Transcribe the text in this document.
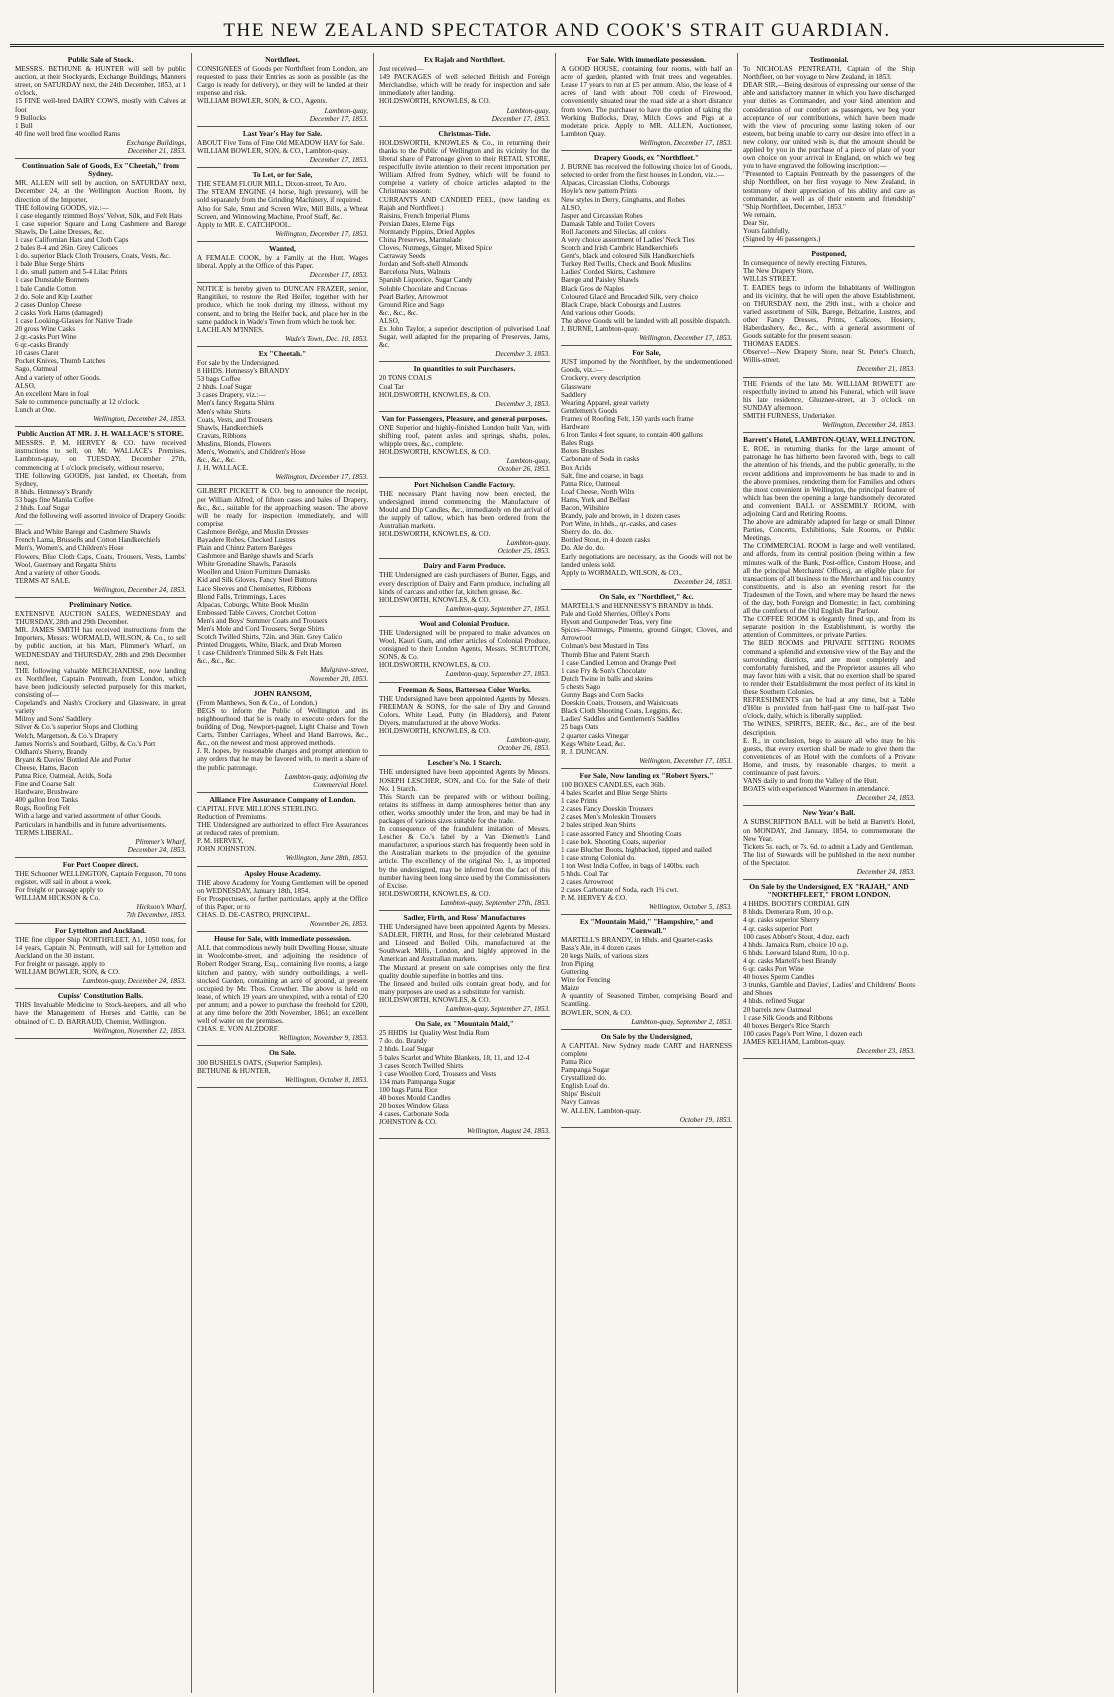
THE NEW ZEALAND SPECTATOR AND COOK'S STRAIT GUARDIAN.
Public Sale of Stock.
MESSRS. BETHUNE & HUNTER will sell by public auction, at their Stockyards, Exchange Buildings, Manners street, on SATURDAY next, the 24th December, 1853, at 1 o'clock,
15 FINE well-bred DAIRY COWS, mostly with Calves at foot
9 Bullocks
1 Bull
40 fine well bred fine woolled Rams
Exchange Buildings,
December 21, 1853.
Continuation Sale of Goods, Ex "Cheetah," from Sydney.
MR. ALLEN will sell by auction, on SATURDAY next, December 24, at the Wellington Auction Room, by direction of the Importer,
THE following GOODS, viz.:—
1 case elegantly trimmed Boys' Velvet, Silk, and Felt Hats
1 case superior Square and Long Cashmere and Barege Shawls, De Laine Dresses, &c.
1 case Californian Hats and Cloth Caps
2 bales 8-4 and 26in. Grey Calicoes
1 do. superior Black Cloth Trousers, Coats, Vests, &c.
1 bale Blue Serge Shirts
1 do. small pattern and 5-4 Lilac Prints
1 case Dunstable Bonnets
1 bale Candle Cotton
2 do. Sole and Kip Leather
2 cases Dunlop Cheese
2 casks York Hams (damaged)
1 case Looking-Glasses for Native Trade
20 gross Wine Casks
2 qr.-casks Port Wine
6 qr.-casks Brandy
10 cases Claret
Pocket Knives, Thumb Latches
Sago, Oatmeal
And a variety of other Goods.
ALSO,
An excellent Mare in foal
Sale to commence punctually at 12 o'clock.
Lunch at One.
Wellington, December 24, 1853.
Public Auction AT MR. J. H. WALLACE'S STORE.
MESSRS. P. M. HERVEY & CO. have received instructions to sell, on Mr. WALLACE's Premises, Lambton-quay, on TUESDAY, December 27th, commencing at 1 o'clock precisely, without reserve,
THE following GOODS, just landed, ex Cheetah, from Sydney,
8 hhds. Hennessy's Brandy
53 bags fine Manila Coffee
2 hhds. Loaf Sugar
And the following well assorted invoice of Drapery Goods:—
Black and White Barege and Cashmere Shawls
French Lama, Brussells and Cotton Handkerchiefs
Men's, Women's, and Children's Hose
Flowers, Blue Cloth Caps, Coats, Trousers, Vests, Lambs' Wool, Guernsey and Regatta Shirts
And a variety of other Goods.
TERMS AT SALE.
Wellington, December 24, 1853.
Preliminary Notice.
EXTENSIVE AUCTION SALES, WEDNESDAY and THURSDAY, 28th and 29th December.
MR. JAMES SMITH has received instructions from the Importers, Messrs. WORMALD, WILSON, & Co., to sell by public auction, at his Mart, Plimmer's Wharf, on WEDNESDAY and THURSDAY, 28th and 29th December next,
THE following valuable MERCHANDISE, now landing ex Northfleet, Captain Pentreath, from London, which have been judiciously selected purposely for this market, consisting of—
Copeland's and Nash's Crockery and Glassware, in great variety
Milroy and Sons' Saddlery
Silver & Co.'s superior Slops and Clothing
Welch, Margetson, & Co.'s Drapery
James Norris's and Southard, Gilby, & Co.'s Port
Oldham's Sherry, Brandy
Bryant & Davies' Bottled Ale and Porter
Cheese, Hams, Bacon
Patna Rice, Oatmeal, Acids, Soda
Fine and Coarse Salt
Hardware, Brushware
400 gallon Iron Tanks
Rugs, Roofing Felt
With a large and varied assortment of other Goods.
Particulars in handbills and in future advertisements.
TERMS LIBERAL.
Plimmer's Wharf,
December 24, 1853.
For Port Cooper direct.
THE Schooner WELLINGTON, Captain Ferguson, 70 tons register, will sail in about a week.
For freight or passage apply to
WILLIAM HICKSON & Co.
Hickson's Wharf,
7th December, 1853.
For Lyttelton and Auckland.
THE fine clipper Ship NORTHFLEET, A1, 1050 tons, for 14 years, Captain N. Pentreath, will sail for Lyttelton and Auckland on the 30 instant.
For freight or passage, apply to
WILLIAM BOWLER, SON, & CO.
Lambton-quay, December 24, 1853.
Cupiss' Constitution Balls.
THIS Invaluable Medicine to Stock-keepers, and all who have the Management of Horses and Cattle, can be obtained of C. D. BARRAUD, Chemist, Wellington.
Wellington, November 12, 1853.
Northfleet.
CONSIGNEES of Goods per Northfleet from London, are requested to pass their Entries as soon as possible (as the Cargo is ready for delivery), or they will be landed at their expense and risk.
WILLIAM BOWLER, SON, & CO., Agents.
Lambton-quay,
December 17, 1853.
Last Year's Hay for Sale.
ABOUT Five Tons of Fine Old MEADOW HAY for Sale.
WILLIAM BOWLER, SON, & CO., Lambton-quay.
December 17, 1853.
To Let, or for Sale,
THE STEAM FLOUR MILL, Dixon-street, Te Aro.
The STEAM ENGINE (4 horse, high pressure), will be sold separately from the Grinding Machinery, if required.
Also for Sale, Smut and Screen Wire, Mill Bills, a Wheat Screen, and Winnowing Machine, Proof Staff, &c.
Apply to MR. E. CATCHPOOL.
Wellington, December 17, 1853.
Wanted,
A FEMALE COOK, by a Family at the Hutt. Wages liberal. Apply at the Office of this Paper.
December 17, 1853.
NOTICE is hereby given to DUNCAN FRAZER, senior, Rangitikei, to restore the Red Heifer, together with her produce, which he took during my illness, without my consent, and to bring the Heifer back, and place her in the same paddock in Wade's Town from which he took her.
LACHLAN M'INNES.
Wade's Town, Dec. 10, 1853.
Ex "Cheetah."
For sale by the Undersigned.
8 HHDS. Hennessy's BRANDY
53 bags Coffee
2 hhds. Loaf Sugar
3 cases Drapery, viz.:—
Men's fancy Regatta Shirts
Men's white Shirts
Coats, Vests, and Trousers
Shawls, Handkerchiefs
Cravats, Ribbons
Muslins, Blonds, Flowers
Men's, Women's, and Children's Hose
&c., &c., &c.
J. H. WALLACE.
Wellington, December 17, 1853.
GILBERT PICKETT & CO. beg to announce the receipt, per William Alfred, of fifteen cases and bales of Drapery, &c., &c., suitable for the approaching season. The above will be ready for inspection immediately, and will comprise
Cashmere Berêge, and Muslin Dresses
Bayadere Robes, Checked Lustres
Plain and Chintz Pattern Barèges
Cashmere and Barège shawls and Scarfs
White Grenadine Shawls, Parasols
Woollen and Union Furniture Damasks
Kid and Silk Gloves, Fancy Steel Buttons
Lace Sleeves and Chemisettes, Ribbons
Blond Falls, Trimmings, Laces
Alpacas, Coburgs, White Book Muslin
Embossed Table Covers, Crotchet Cotton
Men's and Boys' Summer Coats and Trousers
Men's Mole and Cord Trousers, Serge Shirts
Scotch Twilled Shirts, 72in. and 36in. Grey Calico
Printed Druggets, White, Black, and Drab Moreen
1 case Children's Trimmed Silk & Felt Hats
&c., &c., &c.
Mulgrave-street,
November 20, 1853.
JOHN RANSOM,
(From Matthews, Son & Co., of London,)
BEGS to inform the Public of Wellington and its neighbourhood that he is ready to execute orders for the building of Dog, Newport-pagnel, Light Chaise and Town Carts, Timber Carriages, Wheel and Hand Barrows, &c., &c., on the newest and most approved methods.
J. R. hopes, by reasonable charges and prompt attention to any orders that he may be favored with, to merit a share of the public patronage.
Lambton-quay, adjoining the
Commercial Hotel.
Alliance Fire Assurance Company of London.
CAPITAL FIVE MILLIONS STERLING.
Reduction of Premiums.
THE Undersigned are authorized to effect Fire Assurances at reduced rates of premium.
P. M. HERVEY,
JOHN JOHNSTON.
Wellington, June 28th, 1853.
Apsley House Academy.
THE above Academy for Young Gentlemen will be opened on WEDNESDAY, January 18th, 1854.
For Prospectuses, or further particulars, apply at the Office of this Paper, or to
CHAS. D. DE-CASTRO, PRINCIPAL.
November 26, 1853.
House for Sale, with immediate possession.
ALL that commodious newly built Dwelling House, situate in Woolcombe-street, and adjoining the residence of Robert Rodger Strang, Esq., containing five rooms, a large kitchen and pantry, with sundry outbuildings, a well-stocked Garden, containing an acre of ground, at present occupied by Mr. Thos. Crowther. The above is held on lease, of which 19 years are unexpired, with a rental of £20 per annum; and a power to purchase the freehold for £200, at any time before the 20th November, 1861; an excellent well of water on the premises.
CHAS. E. VON ALZDORF.
Wellington, November 9, 1853.
On Sale.
300 BUSHELS OATS, (Superior Samples).
BETHUNE & HUNTER,
Wellington, October 8, 1853.
Ex Rajah and Northfleet.
Just received—
149 PACKAGES of well selected British and Foreign Merchandise, which will be ready for inspection and sale immediately after landing.
HOLDSWORTH, KNOWLES, & CO.
Lambton-quay,
December 17, 1853.
Christmas-Tide.
HOLDSWORTH, KNOWLES & Co., in returning their thanks to the Public of Wellington and its vicinity for the liberal share of Patronage given to their RETAIL STORE, respectfully invite attention to their recent importation per William Alfred from Sydney, which will be found to comprise a variety of choice articles adapted to the Christmas season:
CURRANTS AND CANDIED PEEL, (now landing ex Rajah and Northfleet.)
Raisins, French Imperial Plums
Persian Dates, Eleme Figs
Normandy Pippins, Dried Apples
China Preserves, Marmalade
Cloves, Nutmegs, Ginger, Mixed Spice
Carraway Seeds
Jordan and Soft-shell Almonds
Barcelona Nuts, Walnuts
Spanish Liquorice, Sugar Candy
Soluble Chocolate and Cocoas
Pearl Barley, Arrowroot
Ground Rice and Sago
&c., &c., &c.
ALSO,
Ex John Taylor, a superior description of pulverised Loaf Sugar, well adapted for the preparing of Preserves, Jams, &c.
December 3, 1853.
In quantities to suit Purchasers.
20 TONS COALS
Coal Tar
HOLDSWORTH, KNOWLES, & CO.
December 3, 1853.
Van for Passengers, Pleasure, and general purposes.
ONE Superior and highly-finished London built Van, with shifting roof, patent axles and springs, shafts, poles, whipple trees, &c., complete.
HOLDSWORTH, KNOWLES, & CO.
Lambton-quay,
October 26, 1853.
Port Nicholson Candle Factory.
THE necessary Plant having now been erected, the undersigned intend commencing the Manufacture of Mould and Dip Candles, &c., immediately on the arrival of the supply of tallow, which has been ordered from the Australian markets.
HOLDSWORTH, KNOWLES, & CO.
Lambton-quay,
October 25, 1853.
Dairy and Farm Produce.
THE Undersigned are cash purchasers of Butter, Eggs, and every description of Dairy and Farm produce, including all kinds of carcass and other fat, kitchen grease, &c.
HOLDSWORTH, KNOWLES, & CO.
Lambton-quay, September 27, 1853.
Wool and Colonial Produce.
THE Undersigned will be prepared to make advances on Wool, Kauri Gum, and other articles of Colonial Produce, consigned to their London Agents, Messrs. SCRUTTON, SONS, & Co.
HOLDSWORTH, KNOWLES, & CO.
Lambton-quay, September 27, 1853.
Freeman & Sons, Battersea Color Works.
THE Undersigned have been appointed Agents by Messrs. FREEMAN & SONS, for the sale of Dry and Ground Colors, White Lead, Putty (in Bladders), and Patent Dryers, manufactured at the above Works.
HOLDSWORTH, KNOWLES, & CO.
Lambton-quay,
October 26, 1853.
Lescher's No. 1 Starch.
THE undersigned have been appointed Agents by Messrs. JOSEPH LESCHER, SON, and Co. for the Sale of their No. 1 Starch.
This Starch can be prepared with or without boiling, retains its stiffness in damp atmospheres better than any other, works smoothly under the Iron, and may be had in packages of various sizes suitable for the trade.
In consequence of the fraudulent imitation of Messrs. Lescher & Co.'s label by a Van Diemen's Land manufacturer, a spurious starch has frequently been sold in the Australian markets to the prejudice of the genuine article. The excellency of the original No. 1, as imported by the undersigned, may be inferred from the fact of this number having been long since used by the Commissioners of Excise.
HOLDSWORTH, KNOWLES, & CO.
Lambton-quay, September 27th, 1853.
Sadler, Firth, and Ross' Manufactures
THE Undersigned have been appointed Agents by Messrs. SADLER, FIRTH, and Ross, for their celebrated Mustard and Linseed and Boiled Oils, manufactured at the Southwark Mills, London, and highly approved in the American and Australian markets.
The Mustard at present on sale comprises only the first quality double superfine in bottles and tins.
The linseed and boiled oils contain great body, and for many purposes are used as a substitute for varnish.
HOLDSWORTH, KNOWLES, & CO.
Lambton-quay, September 27, 1853.
On Sale, ex "Mountain Maid,"
25 HHDS 1st Quality West India Rum
7 do. do. Brandy
2 hhds. Loaf Sugar
5 bales Scarlet and White Blankets, 18, 11, and 12-4
3 cases Scotch Twilled Shirts
1 case Woollen Cord, Trousers and Vests
134 mats Pampanga Sugar
100 bags Patna Rice
40 boxes Mould Candles
20 boxes Window Glass
4 cases, Carbonate Soda
JOHNSTON & CO.
Wellington, August 24, 1853.
For Sale. With immediate possession.
A GOOD HOUSE, containing four rooms, with half an acre of garden, planted with fruit trees and vegetables. Lease 17 years to run at £5 per annum. Also, the lease of 4 acres of land with about 700 cords of Firewood, conveniently situated near the road side at a short distance from town. The purchaser to have the option of taking the Working Bullocks, Dray, Milch Cows and Pigs at a moderate price. Apply to MR. ALLEN, Auctioneer, Lambton Quay.
Wellington, December 17, 1853.
Drapery Goods, ex "Northfleet."
J. BURNE has received the following choice lot of Goods, selected to order from the first houses in London, viz.:—
Alpacas, Circassian Cloths, Cobourgs
Hoyle's new pattern Prints
New styles in Derry, Ginghams, and Robes
ALSO,
Jasper and Circassian Robes
Damask Table and Toilet Covers
Roll Jaconets and Silecias, all colors
A very choice assortment of Ladies' Neck Ties
Scotch and Irish Cambric Handkerchiefs
Gent's, black and coloured Silk Handkerchiefs
Turkey Red Twills, Check and Book Muslins
Ladies' Corded Skirts, Cashmere
Barege and Paisley Shawls
Black Gros de Naples
Coloured Glacé and Brocaded Silk, very choice
Black Crape, black Cobourgs and Lustres
And various other Goods.
The above Goods will be landed with all possible dispatch.
J. BURNE, Lambton-quay.
Wellington, December 17, 1853.
For Sale,
JUST imported by the Northfleet, by the undermentioned Goods, viz.:—
Crockery, every description
Glassware
Saddlery
Wearing Apparel, great variety
Gentlemen's Goods
Frames of Roofing Felt, 150 yards each frame
Hardware
6 Iron Tanks 4 feet square, to contain 400 gallons
Bales Rugs
Boxes Brushes
Carbonate of Soda in casks
Box Acids
Salt, fine and coarse, in bags
Patna Rice, Oatmeal
Loaf Cheese, North Wilts
Hams, York and Belfast
Bacon, Wiltshire
Brandy, pale and brown, in 1 dozen cases
Port Wine, in hhds., qr.-casks, and cases
Sherry do. do. do.
Bottled Stout, in 4 dozen casks
Do. Ale do. do.
Early negotiations are necessary, as the Goods will not be landed unless sold.
Apply to WORMALD, WILSON, & CO.,
December 24, 1853.
On Sale, ex "Northfleet," &c.
MARTELL'S and HENNESSY'S BRANDY in hhds.
Pale and Gold Sherries, Offley's Ports
Hyson and Gunpowder Teas, very fine
Spices—Nutmegs, Pimento, ground Ginger, Cloves, and Arrowroot
Colman's best Mustard in Tins
Thumb Blue and Patent Starch
1 case Candied Lemon and Orange Peel
1 case Fry & Son's Chocolate
Dutch Twine in balls and skeins
5 chests Sago
Gunny Bags and Corn Sacks
Doeskin Coats, Trousers, and Waistcoats
Black Cloth Shooting Coats, Leggins, &c.
Ladies' Saddles and Gentlemen's Saddles
25 bags Oats
2 quarter casks Vinegar
Kegs White Lead, &c.
R. J. DUNCAN.
Wellington, December 17, 1853.
For Sale, Now landing ex "Robert Syers."
100 BOXES CANDLES, each 36lb.
4 bales Scarlet and Blue Serge Shirts
1 case Prints
2 cases Fancy Doeskin Trousers
2 cases Men's Moleskin Trousers
2 bales striped Jean Shirts
1 case assorted Fancy and Shooting Coats
1 case bek. Shooting Coats, superior
1 case Blucher Boots, highbacked, tipped and nailed
1 case strong Colonial do.
1 ton West India Coffee, in bags of 140lbs. each
5 hhds. Coal Tar
2 cases Arrowroot
2 cases Carbonate of Soda, each 1¼ cwt.
P. M. HERVEY & CO.
Wellington, October 5, 1853.
Ex "Mountain Maid," "Hampshire," and "Cornwall."
MARTELL'S BRANDY, in Hhds. and Quarter-casks
Bass's Ale, in 4 dozen cases
20 kegs Nails, of various sizes
Iron Piping
Guttering
Wire for Fencing
Maize
A quantity of Seasoned Timber, comprising Board and Scantling.
BOWLER, SON, & CO.
Lambton-quay, September 2, 1853.
On Sale by the Undersigned,
A CAPITAL New Sydney made CART and HARNESS complete
Patna Rice
Pampanga Sugar
Crystallized do.
English Loaf do.
Ships' Biscuit
Navy Canvas
W. ALLEN, Lambton-quay.
October 19, 1853.
Testimonial.
To NICHOLAS PENTREATH, Captain of the Ship Northfleet, on her voyage to New Zealand, in 1853.
DEAR SIR,—Being desirous of expressing our sense of the able and satisfactory manner in which you have discharged your duties as Commander, and your kind attention and consideration of our comfort as passengers, we beg your acceptance of our contributions, which have been made with the view of procuring some lasting token of our esteem, but being unable to carry our desire into effect in a new colony, our united wish is, that the amount should be applied by you in the purchase of a piece of plate of your own choice on your arrival in England, on which we beg you to have engraved the following inscription:—
"Presented to Captain Pentreath by the passengers of the ship Northfleet, on her first voyage to New Zealand, in testimony of their appreciation of his ability and care as commander, as well as of their esteem and friendship" "Ship Northfleet, December, 1853."
We remain,
Dear Sir,
Yours faithfully,
(Signed by 46 passengers.)
Postponed,
In consequence of newly erecting Fixtures,
The New Drapery Store,
WILLIS STREET.
T. EADES begs to inform the Inhabitants of Wellington and its vicinity, that he will open the above Establishment, on THURSDAY next, the 29th inst., with a choice and varied assortment of Silk, Barege, Belzarine, Lustres, and other Fancy Dresses, Prints, Calicoes, Hosiery, Haberdashery, &c., &c., with a general assortment of Goods suitable for the present season.
THOMAS EADES.
Observe!—New Drapery Store, near St. Peter's Church, Willis-street.
December 21, 1853.
THE Friends of the late Mr. WILLIAM ROWETT are respectfully invited to attend his Funeral, which will leave his late residence, Ghuznee-street, at 3 o'clock on SUNDAY afternoon.
SMITH FURNESS, Undertaker.
Wellington, December 24, 1853.
Barrett's Hotel, LAMBTON-QUAY, WELLINGTON.
E. ROE, in returning thanks for the large amount of patronage he has hitherto been favored with, begs to call the attention of his friends, and the public generally, to the recent additions and improvements he has made to and in the above premises, rendering them for Families and others the most convenient in Wellington, the principal feature of which has been the opening a large handsomely decorated and convenient BALL or ASSEMBLY ROOM, with adjoining Card and Retiring Rooms.
The above are admirably adapted for large or small Dinner Parties, Concerts, Exhibitions, Sale Rooms, or Public Meetings.
The COMMERCIAL ROOM is large and well ventilated, and affords, from its central position (being within a few minutes walk of the Bank, Post-office, Custom House, and all the principal Merchants' Offices), an eligible place for transactions of all business to the Merchant and his country constituents, and is also an evening resort for the Tradesmen of the Town, and where may be heard the news of the day, both Foreign and Domestic; in fact, combining all the comforts of the Old English Bar Parlour.
The COFFEE ROOM is elegantly fitted up, and from its separate position in the Establishment, is worthy the attention of Committees, or private Parties.
The BED ROOMS and PRIVATE SITTING ROOMS command a splendid and extensive view of the Bay and the surrounding districts, and are most completely and comfortably furnished, and the Proprietor assures all who may favor him with a visit, that no exertion shall be spared to render their Establishment the most perfect of its kind in these Southern Colonies.
REFRESHMENTS can be had at any time, but a Table d'Hôte is provided from half-past One to half-past Two o'clock, daily, which is liberally supplied.
The WINES, SPIRITS, BEER, &c., &c., are of the best description.
E. R., in conclusion, begs to assure all who may be his guests, that every exertion shall be made to give them the conveniences of an Hotel with the comforts of a Private Home, and trusts, by reasonable charges, to merit a continuance of past favors.
VANS daily to and from the Valley of the Hutt.
BOATS with experienced Watermen in attendance.
December 24, 1853.
New Year's Ball.
A SUBSCRIPTION BALL will be held at Barrett's Hotel, on MONDAY, 2nd January, 1854, to commemorate the New Year.
Tickets 5s. each, or 7s. 6d. to admit a Lady and Gentleman.
The list of Stewards will be published in the next number of the Spectator.
December 24, 1853.
On Sale by the Undersigned, EX "RAJAH," AND "NORTHFLEET," FROM LONDON.
4 HHDS. BOOTH'S CORDIAL GIN
8 hhds. Demerara Rum, 10 o.p.
4 qr. casks superior Sherry
4 qr. casks superior Port
100 cases Abbott's Stout, 4 doz. each
4 hhds. Jamaica Rum, choice 10 o.p.
6 hhds. Leeward Island Rum, 10 o.p.
4 qr. casks Martell's best Brandy
6 qr. casks Port Wine
40 boxes Sperm Candles
3 trunks, Gamble and Davies', Ladies' and Childrens' Boots and Shoes
4 hhds. refined Sugar
20 barrels new Oatmeal
1 case Silk Goods and Ribbons
40 boxes Berger's Rice Starch
100 cases Page's Port Wine, 1 dozen each
JAMES KELHAM, Lambton-quay.
December 23, 1853.
